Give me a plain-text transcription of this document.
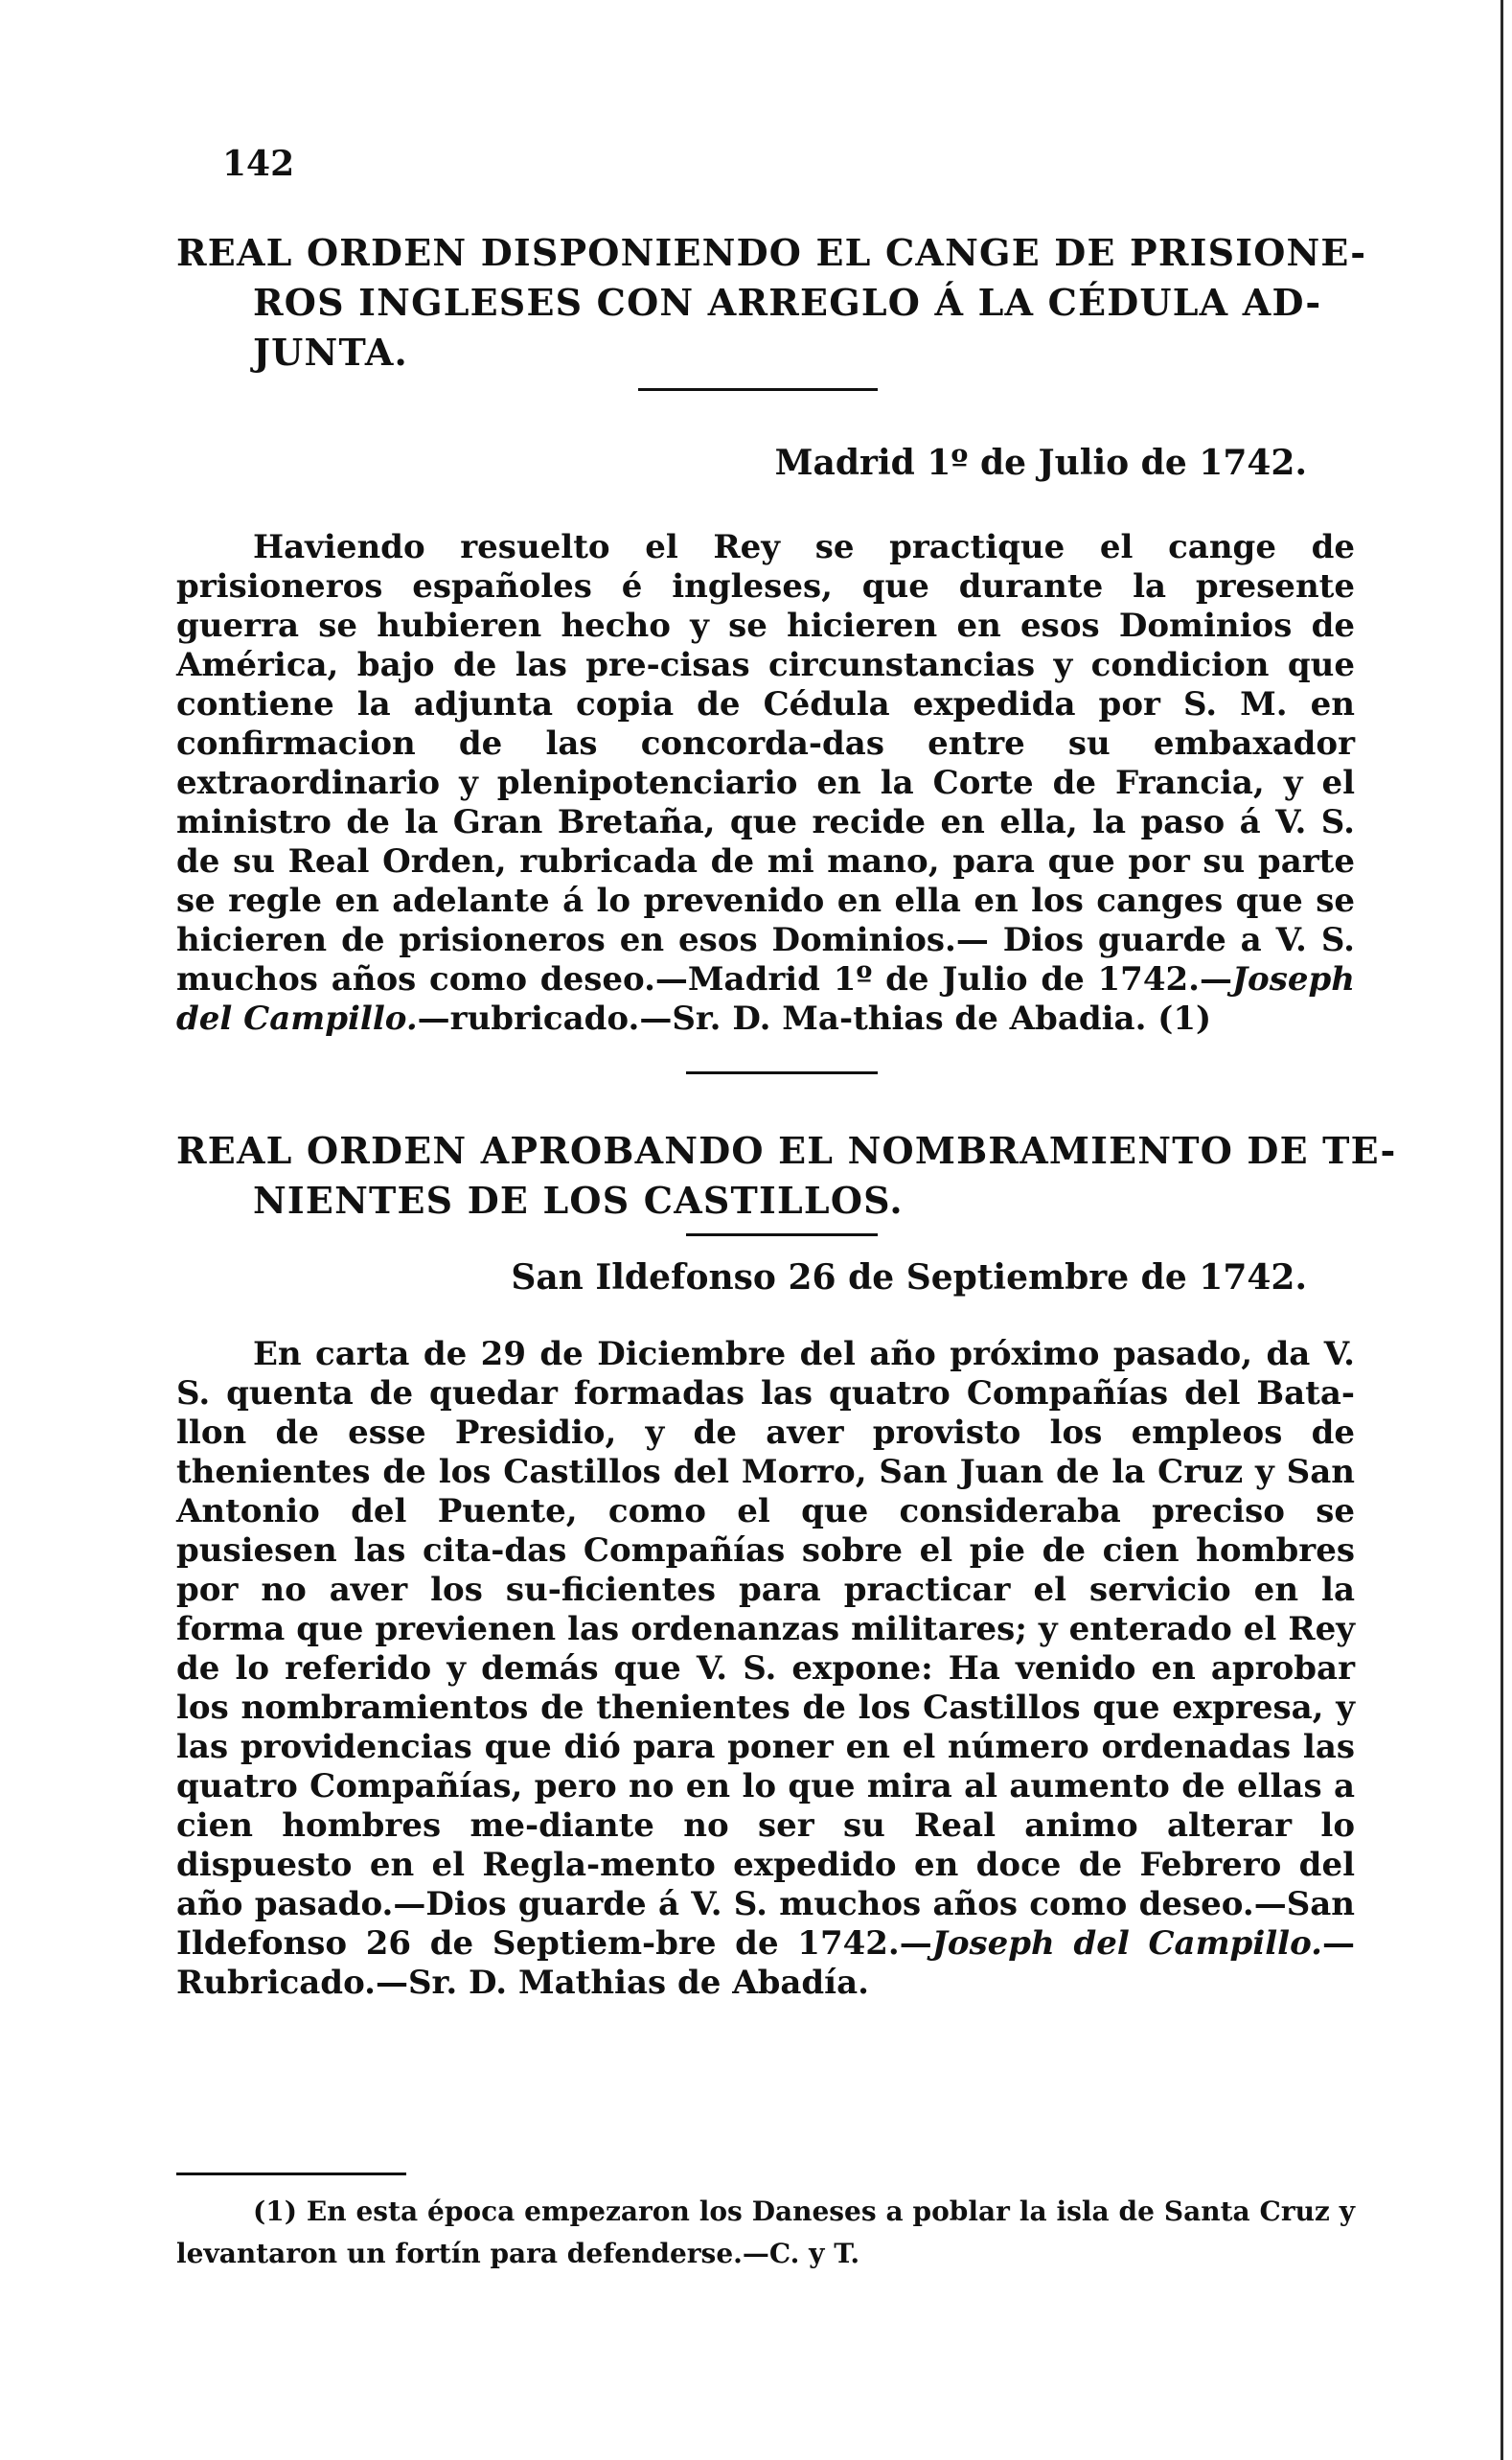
142
REAL ORDEN DISPONIENDO EL CANGE DE PRISIONE-ROS INGLESES CON ARREGLO Á LA CÉDULA AD-JUNTA.
Madrid 1º de Julio de 1742.

Haviendo resuelto el Rey se practique el cange de prisioneros españoles é ingleses, que durante la presente guerra se hubieren hecho y se hicieren en esos Dominios de América, bajo de las pre-cisas circunstancias y condicion que contiene la adjunta copia de Cédula expedida por S. M. en confirmacion de las concorda-das entre su embaxador extraordinario y plenipotenciario en la Corte de Francia, y el ministro de la Gran Bretaña, que recide en ella, la paso á V. S. de su Real Orden, rubricada de mi mano, para que por su parte se regle en adelante á lo prevenido en ella en los canges que se hicieren de prisioneros en esos Dominios.— Dios guarde a V. S. muchos años como deseo.—Madrid 1º de Julio de 1742.—Joseph del Campillo.—rubricado.—Sr. D. Ma-thias de Abadia. (1)

REAL ORDEN APROBANDO EL NOMBRAMIENTO DE TE-NIENTES DE LOS CASTILLOS.
San Ildefonso 26 de Septiembre de 1742.

En carta de 29 de Diciembre del año próximo pasado, da V. S. quenta de quedar formadas las quatro Compañías del Bata-llon de esse Presidio, y de aver provisto los empleos de thenientes de los Castillos del Morro, San Juan de la Cruz y San Antonio del Puente, como el que consideraba preciso se pusiesen las cita-das Compañías sobre el pie de cien hombres por no aver los su-ficientes para practicar el servicio en la forma que previenen las ordenanzas militares; y enterado el Rey de lo referido y demás que V. S. expone: Ha venido en aprobar los nombramientos de thenientes de los Castillos que expresa, y las providencias que dió para poner en el número ordenadas las quatro Compañías, pero no en lo que mira al aumento de ellas a cien hombres me-diante no ser su Real animo alterar lo dispuesto en el Regla-mento expedido en doce de Febrero del año pasado.—Dios guarde á V. S. muchos años como deseo.—San Ildefonso 26 de Septiem-bre de 1742.—Joseph del Campillo.—Rubricado.—Sr. D. Mathias de Abadía.

(1) En esta época empezaron los Daneses a poblar la isla de Santa Cruz y levantaron un fortín para defenderse.—C. y T.
